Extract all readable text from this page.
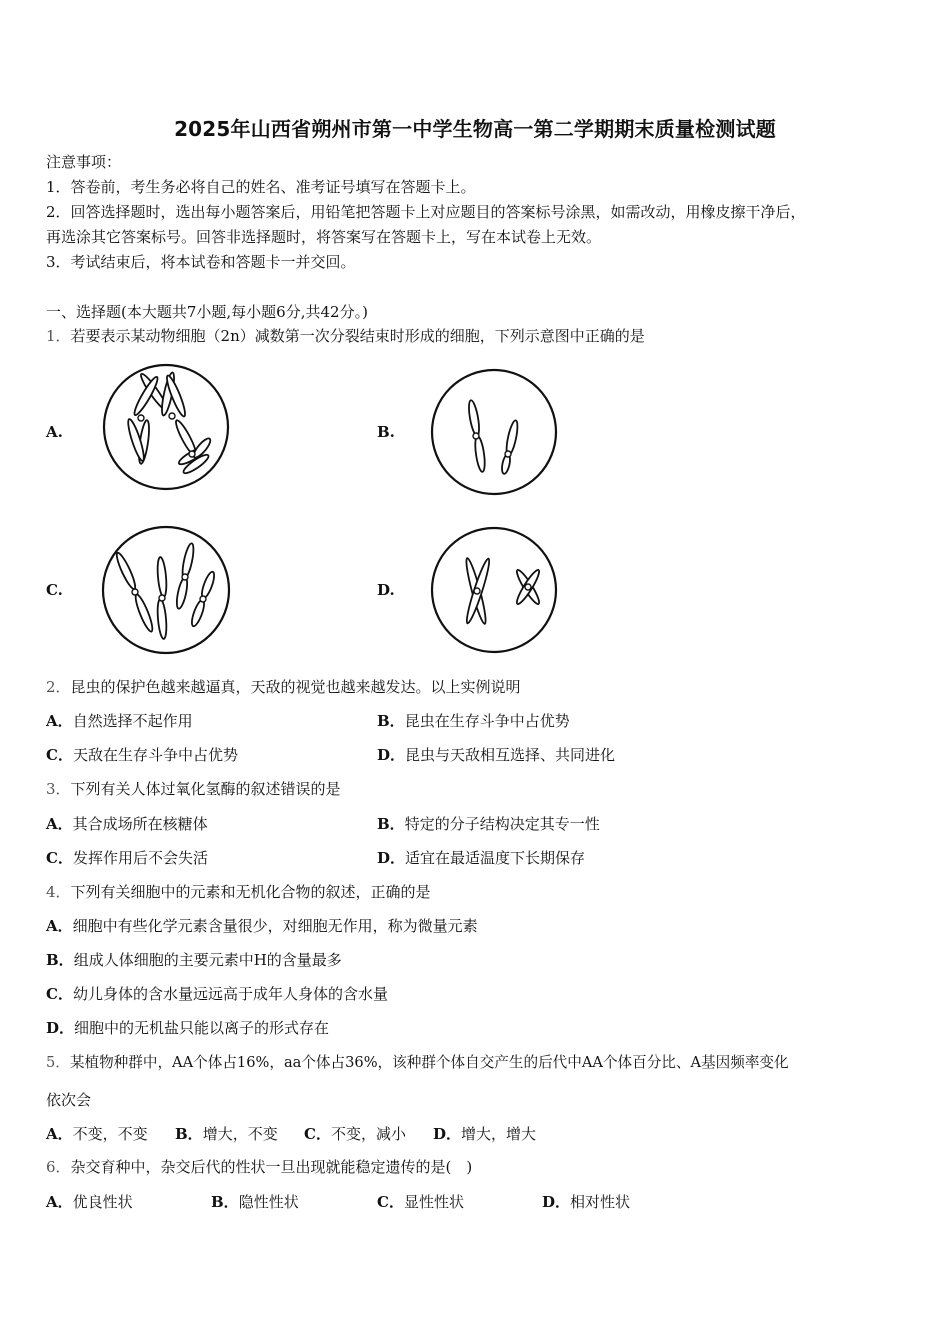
2025年山西省朔州市第一中学生物高一第二学期期末质量检测试题
注意事项：
1．答卷前，考生务必将自己的姓名、准考证号填写在答题卡上。
2．回答选择题时，选出每小题答案后，用铅笔把答题卡上对应题目的答案标号涂黑，如需改动，用橡皮擦干净后，
再选涂其它答案标号。回答非选择题时，将答案写在答题卡上，写在本试卷上无效。
3．考试结束后，将本试卷和答题卡一并交回。
一、选择题(本大题共7小题,每小题6分,共42分。)
1．若要表示某动物细胞（2n）减数第一次分裂结束时形成的细胞，下列示意图中正确的是
A.	B.
C.	D.
2．昆虫的保护色越来越逼真，天敌的视觉也越来越发达。以上实例说明
A．自然选择不起作用	B．昆虫在生存斗争中占优势
C．天敌在生存斗争中占优势	D．昆虫与天敌相互选择、共同进化
3．下列有关人体过氧化氢酶的叙述错误的是
A．其合成场所在核糖体	B．特定的分子结构决定其专一性
C．发挥作用后不会失活	D．适宜在最适温度下长期保存
4．下列有关细胞中的元素和无机化合物的叙述，正确的是
A．细胞中有些化学元素含量很少，对细胞无作用，称为微量元素
B．组成人体细胞的主要元素中H的含量最多
C．幼儿身体的含水量远远高于成年人身体的含水量
D．细胞中的无机盐只能以离子的形式存在
5．某植物种群中，AA个体占16%，aa个体占36%，该种群个体自交产生的后代中AA个体百分比、A基因频率变化
依次会
A．不变，不变 B．增大，不变 C．不变，减小 D．增大，增大
6．杂交育种中，杂交后代的性状一旦出现就能稳定遗传的是(　)
A．优良性状	B．隐性性状	C．显性性状	D．相对性状
